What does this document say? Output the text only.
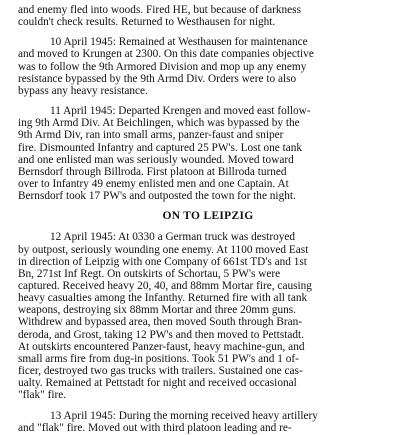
and enemy fled into woods. Fired HE, but because of darkness
couldn't check results. Returned to Westhausen for night.
10 April 1945: Remained at Westhausen for maintenance
and moved to Krungen at 2300. On this date companies objective
was to follow the 9th Armored Division and mop up any enemy
resistance bypassed by the 9th Armd Div. Orders were to also
bypass any heavy resistance.
11 April 1945: Departed Krengen and moved east follow-
ing 9th Armd Div. At Beichlingen, which was bypassed by the
9th Armd Div, ran into small arms, panzer-faust and sniper
fire. Dismounted Infantry and captured 25 PW's. Lost one tank
and one enlisted man was seriously wounded. Moved toward
Bernsdorf through Billroda. First platoon at Billroda turned
over to Infantry 49 enemy enlisted men and one Captain. At
Bernsdorf took 17 PW's and outposted the town for the night.
ON TO LEIPZIG
12 April 1945: At 0330 a German truck was destroyed
by outpost, seriously wounding one enemy. At 1100 moved East
in direction of Leipzig with one Company of 661st TD's and 1st
Bn, 271st Inf Regt. On outskirts of Schortau, 5 PW's were
captured. Received heavy 20, 40, and 88mm Mortar fire, causing
heavy casualties among the Infanthy. Returned fire with all tank
weapons, destroying six 88mm Mortar and three 20mm guns.
Withdrew and bypassed area, then moved South through Bran-
deroda, and Grost, taking 12 PW's and then moved to Pettstadt.
At outskirts encountered Panzer-faust, heavy machine-gun, and
small arms fire from dug-in positions. Took 51 PW's and 1 of-
ficer, destroyed two gas trucks with trailers. Sustained one cas-
ualty. Remained at Pettstadt for night and received occasional
"flak" fire.
13 April 1945: During the morning received heavy artillery
and "flak" fire. Moved out with third platoon leading and re-
